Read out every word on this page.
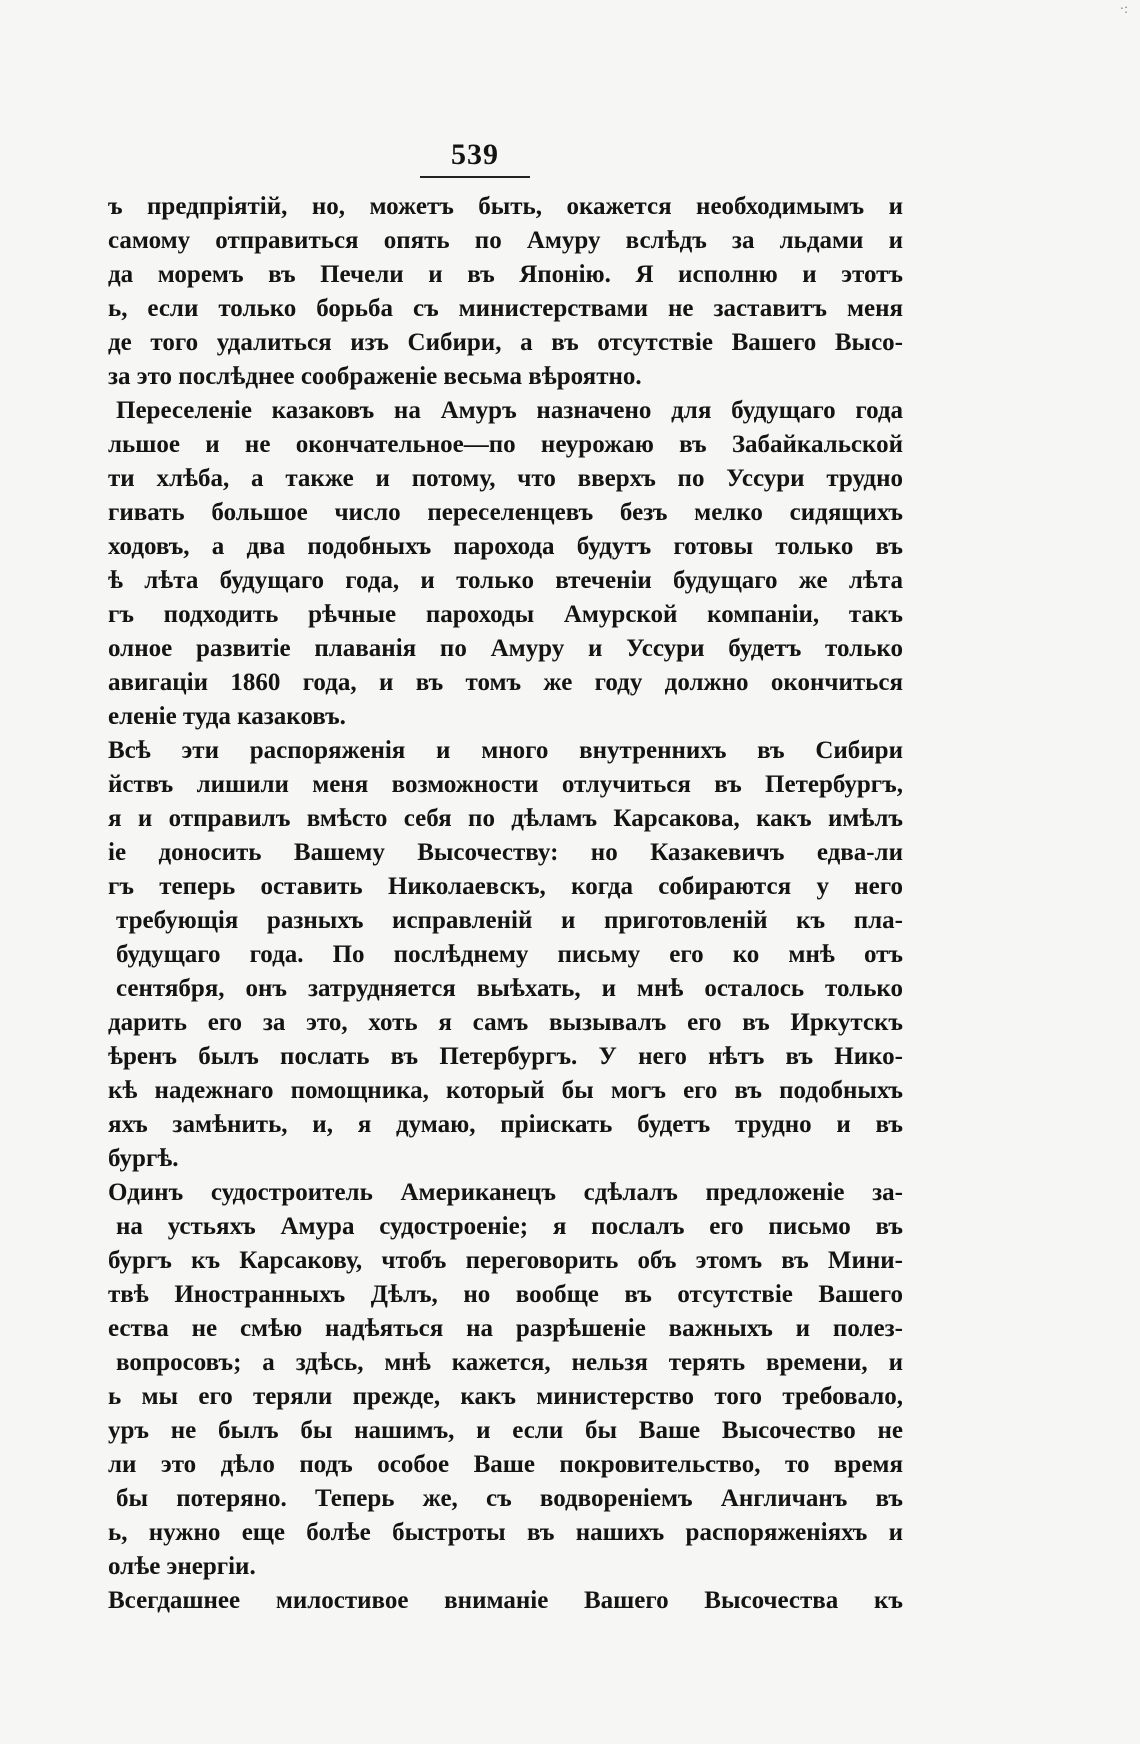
·:
539
ъ предпріятій, но, можетъ быть, окажется необходимымъ и
самому отправиться опять по Амуру вслѣдъ за льдами и
да моремъ въ Печели и въ Японію. Я исполню и этотъ
ь, если только борьба съ министерствами не заставитъ меня
де того удалиться изъ Сибири, а въ отсутствіе Вашего Высо-
за это послѣднее соображеніе весьма вѣроятно.
Переселеніе казаковъ на Амуръ назначено для будущаго года
льшое и не окончательное—по неурожаю въ Забайкальской
ти хлѣба, а также и потому, что вверхъ по Уссури трудно
гивать большое число переселенцевъ безъ мелко сидящихъ
ходовъ, а два подобныхъ парохода будутъ готовы только въ
ѣ лѣта будущаго года, и только втеченіи будущаго же лѣта
гъ подходить рѣчные пароходы Амурской компаніи, такъ
олное развитіе плаванія по Амуру и Уссури будетъ только
авигаціи 1860 года, и въ томъ же году должно окончиться
еленіе туда казаковъ.
Всѣ эти распоряженія и много внутреннихъ въ Сибири
йствъ лишили меня возможности отлучиться въ Петербургъ,
я и отправилъ вмѣсто себя по дѣламъ Карсакова, какъ имѣлъ
іе доносить Вашему Высочеству: но Казакевичъ едва-ли
гъ теперь оставить Николаевскъ, когда собираются у него
требующія разныхъ исправленій и приготовленій къ пла-
будущаго года. По послѣднему письму его ко мнѣ отъ
сентября, онъ затрудняется выѣхать, и мнѣ осталось только
дарить его за это, хоть я самъ вызывалъ его въ Иркутскъ
ѣренъ былъ послать въ Петербургъ. У него нѣтъ въ Нико-
кѣ надежнаго помощника, который бы могъ его въ подобныхъ
яхъ замѣнить, и, я думаю, пріискать будетъ трудно и въ
бургѣ.
Одинъ судостроитель Американецъ сдѣлалъ предложеніе за-
на устьяхъ Амура судостроеніе; я послалъ его письмо въ
бургъ къ Карсакову, чтобъ переговорить объ этомъ въ Мини-
твѣ Иностранныхъ Дѣлъ, но вообще въ отсутствіе Вашего
ества не смѣю надѣяться на разрѣшеніе важныхъ и полез-
вопросовъ; а здѣсь, мнѣ кажется, нельзя терять времени, и
ь мы его теряли прежде, какъ министерство того требовало,
уръ не былъ бы нашимъ, и если бы Ваше Высочество не
ли это дѣло подъ особое Ваше покровительство, то время
бы потеряно. Теперь же, съ водвореніемъ Англичанъ въ
ь, нужно еще болѣе быстроты въ нашихъ распоряженіяхъ и
олѣе энергіи.
Всегдашнее милостивое вниманіе Вашего Высочества къ
